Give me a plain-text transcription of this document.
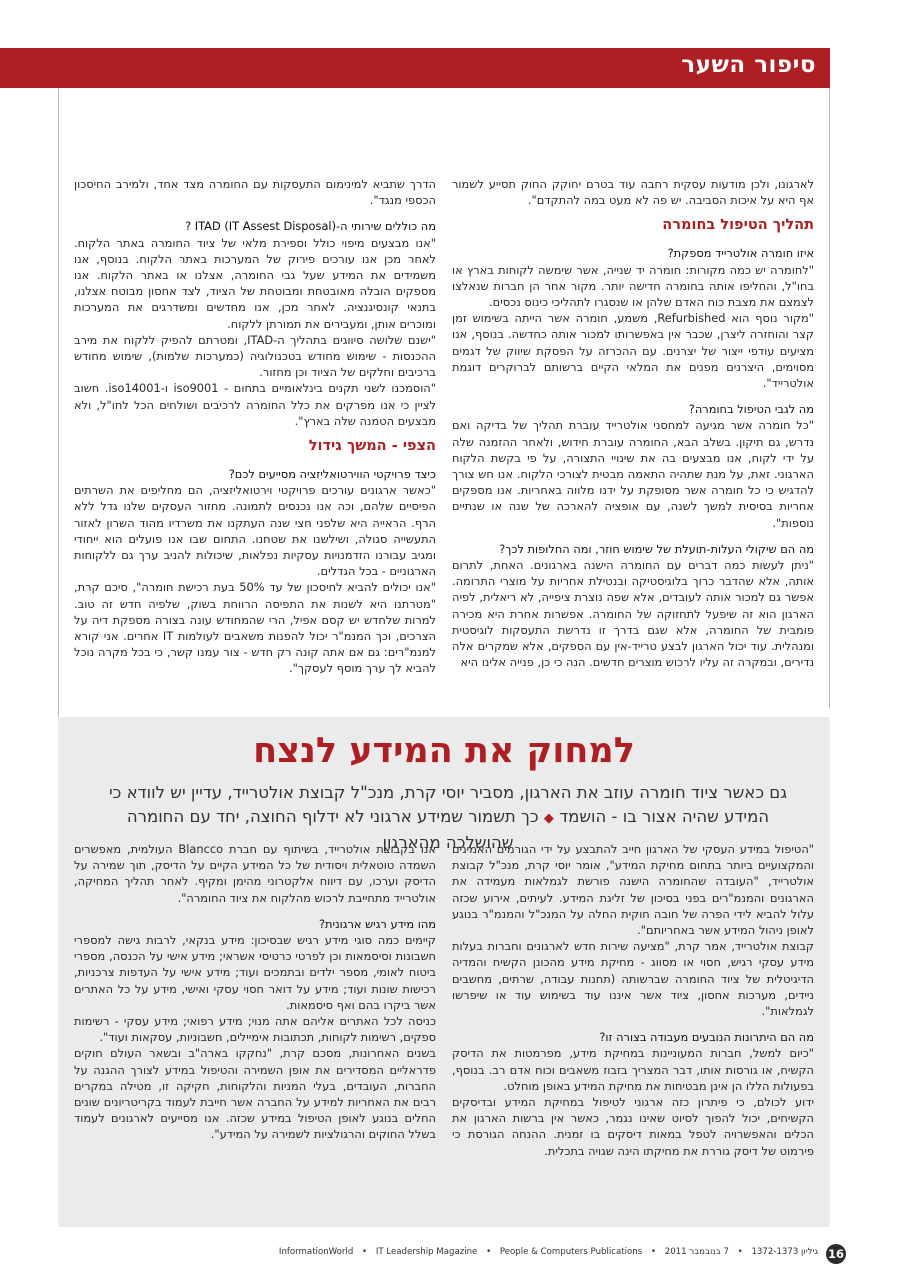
סיפור השער

לארגונו, ולכן מודעות עסקית רחבה עוד בטרם יחוקק החוק תסייע לשמור אף היא על איכות הסביבה. יש פה לא מעט במה להתקדם".

תהליך הטיפול בחומרה

איזו חומרה אולטרייד מספקת?

"לחומרה יש כמה מקורות: חומרה יד שנייה, אשר שימשה לקוחות בארץ או בחו"ל, והחליפו אותה בחומרה חדישה יותר. מקור אחר הן חברות שנאלצו לצמצם את מצבת כוח האדם שלהן או שנסגרו לתהליכי כינוס נכסים.

"מקור נוסף הוא Refurbished, משמע, חומרה אשר הייתה בשימוש זמן קצר והוחזרה ליצרן, שכבר אין באפשרותו למכור אותה כחדשה. בנוסף, אנו מציעים עודפי ייצור של יצרנים. עם ההכרזה על הפסקת שיווק של דגמים מסוימים, היצרנים מפנים את המלאי הקיים ברשותם לברוקרים דוגמת אולטרייד".

מה לגבי הטיפול בחומרה?

"כל חומרה אשר מגיעה למחסני אולטרייד עוברת תהליך של בדיקה ואם נדרש, גם תיקון. בשלב הבא, החומרה עוברת חידוש, ולאחר ההזמנה שלה על ידי לקוח, אנו מבצעים בה את שינויי התצורה, על פי בקשת הלקוח הארגוני. זאת, על מנת שתהיה התאמה מבטית לצורכי הלקוח. אנו חש צורך להדגיש כי כל חומרה אשר מסופקת על ידנו מלווה באחריות. אנו מספקים אחריות בסיסית למשך לשנה, עם אופציה להארכה של שנה או שנתיים נוספות".

מה הם שיקולי העלות-תועלת של שימוש חוזר, ומה החלופות לכך?

"ניתן לעשות כמה דברים עם החומרה הישנה בארגונים. האחת, לתרום אותה, אלא שהדבר כרוך בלוגיסטיקה ובנטילת אחריות על מוצרי התרומה. אפשר גם למכור אותה לעובדים, אלא שפה נוצרת ציפייה, לא ריאלית, לפיה הארגון הוא זה שיפעל לתחזוקה של החומרה. אפשרות אחרת היא מכירה פומבית של החומרה, אלא שגם בדרך זו נדרשת התעסקות לוגיסטית ומנהלית. עוד יכול הארגון לבצע טרייד-אין עם הספקים, אלא שמקרים אלה נדירים, ובמקרה זה עליו לרכוש מוצרים חדשים. הנה כי כן, פנייה אלינו היא

הדרך שתביא למינימום התעסקות עם החומרה מצד אחד, ולמירב החיסכון הכספי מנגד".

מה כוללים שירותי ה-ITAD (IT Assest Disposal) ?

"אנו מבצעים מיפוי כולל וספירת מלאי של ציוד החומרה באתר הלקוח. לאחר מכן אנו עורכים פירוק של המערכות באתר הלקוח. בנוסף, אנו משמידים את המידע שעל גבי החומרה, אצלנו או באתר הלקוח. אנו מספקים הובלה מאובטחת ומבוטחת של הציוד, לצד אחסון מבוטח אצלנו, בתנאי קונסיגנציה. לאחר מכן, אנו מחדשים ומשדרגים את המערכות ומוכרים אותן, ומעבירים את תמורתן ללקוח.

"ישנם שלושה סיווגים בתהליך ה-ITAD, ומטרתם להפיק ללקוח את מירב ההכנסות - שימוש מחודש בטכנולוגיה (כמערכות שלמות), שימוש מחודש ברכיבים וחלקים של הציוד וכן מחזור.

"הוסמכנו לשני תקנים בינלאומיים בתחום - iso9001 ו-iso14001. חשוב לציין כי אנו מפרקים את כלל החומרה לרכיבים ושולחים הכל לחו"ל, ולא מבצעים הטמנה שלה בארץ".

הצפי - המשך גידול

כיצד פרויקטי הווירטואליזציה מסייעים לכם?

"כאשר ארגונים עורכים פרויקטי וירטואליזציה, הם מחליפים את השרתים הפיסיים שלהם, וכה אנו נכנסים לתמונה. מחזור העסקים שלנו גדל ללא הרף. הראייה היא שלפני חצי שנה העתקנו את משרדיו מהוד השרון לאזור התעשייה סגולה, ושילשנו את שטחנו. התחום שבו אנו פועלים הוא ייחודי ומגיב עבורנו הזדמנויות עסקיות נפלאות, שיכולות להניב ערך גם ללקוחות הארגוניים - בכל הגדלים.

"אנו יכולים להביא לחיסכון של עד 50% בעת רכישת חומרה", סיכם קרת, "מטרתנו היא לשנות את התפיסה הרווחת בשוק, שלפיה חדש זה טוב. למרות שלחדש יש קסם אפיל, הרי שהמחודש עונה בצורה מספקת דיה על הצרכים, וכך המנמ"ר יכול להפנות משאבים לעולמות IT אחרים. אני קורא למנמ"רים: גם אם אתה קונה רק חדש - צור עמנו קשר, כי בכל מקרה נוכל להביא לך ערך מוסף לעסקך".

למחוק את המידע לנצח
גם כאשר ציוד חומרה עוזב את הארגון, מסביר יוסי קרת, מנכ"ל קבוצת אולטרייד, עדיין יש לוודא כי המידע שהיה אצור בו - הושמד ◆ כך תשמור שמידע ארגוני לא ידלוף החוצה, יחד עם החומרה שהושלכה מהארגון

"הטיפול במידע העסקי של הארגון חייב להתבצע על ידי הגורמים האמינים והמקצועיים ביותר בתחום מחיקת המידע", אומר יוסי קרת, מנכ"ל קבוצת אולטרייד, "העובדה שהחומרה הישנה פורשת לגמלאות מעמידה את הארגונים והמנמ"רים בפני בסיכון של זליגת המידע. לעיתים, אירוע שכזה עלול להביא לידי הפרה של חובה חוקית החלה על המנכ"ל והמנמ"ר בנוגע לאופן ניהול המידע אשר באחריותם".

קבוצת אולטרייד, אמר קרת, "מציעה שירות חדש לארגונים וחברות בעלות מידע עסקי רגיש, חסוי או מסווג - מחיקת מידע מהכונן הקשיח והמדיה הדיגיטלית של ציוד החומרה שברשותה (תחנות עבודה, שרתים, מחשבים ניידים, מערכות אחסון, ציוד אשר איננו עוד בשימוש עוד או שיפרשו לגמלאות".

מה הם היתרונות הנובעים מעבודה בצורה זו?

"כיום למשל, חברות המעוניינות במחיקת מידע, מפרמטות את הדיסק הקשיח, או גורסות אותו, דבר המצריך בזבוז משאבים וכוח אדם רב. בנוסף, בפעולות הללו הן אינן מבטיחות את מחיקת המידע באופן מוחלט.

ידוע לכולם, כי פיתרון כזה ארגוני לטיפול במחיקת המידע ובדיסקים הקשיחים, יכול להפוך לסיוט שאינו נגמר, כאשר אין ברשות הארגון את הכלים והאפשרויה לטפל במאות דיסקים בו זמנית. ההנחה הגורסת כי פירמוט של דיסק גוררת את מחיקתו הינה שגויה בתכלית.

אנו בקבוצת אולטרייד, בשיתוף עם חברת Blancco העולמית, מאפשרים השמדה טוטאלית ויסודית של כל המידע הקיים על הדיסק, תוך שמירה על הדיסק וערכו, עם דיווח אלקטרוני מהימן ומקיף. לאחר תהליך המחיקה, אולטרייד מתחייבת לרכוש מהלקוח את ציוד החומרה".

מהו מידע רגיש ארגונית?

קיימים כמה סוגי מידע רגיש שבסיכון: מידע בנקאי, לרבות גישה למספרי חשבונות וסיסמאות וכן לפרטי כרטיסי אשראי; מידע אישי על הכנסה, מספרי ביטוח לאומי, מספר ילדים ובתמכים ועוד; מידע אישי על העדפות צרכניות, רכישות שונות ועוד; מידע על דואר חסוי עסקי ואישי, מידע על כל האתרים אשר ביקרו בהם ואף סיסמאות.

כניסה לכל האתרים אליהם אתה מנוי; מידע רפואי; מידע עסקי - רשימות ספקים, רשימות לקוחות, תכתובות אימיילים, חשבוניות, עסקאות ועוד".

בשנים האחרונות, מסכם קרת, "נחקקו בארה"ב ובשאר העולם חוקים פדראליים המסדירים את אופן השמירה והטיפול במידע לצורך ההגנה על החברות, העובדים, בעלי המניות והלקוחות, חקיקה זו, מטילה במקרים רבים את האחריות למידע על החברה אשר חייבת לעמוד בקריטריונים שונים החלים בנוגע לאופן הטיפול במידע שכזה. אנו מסייעים לארגונים לעמוד בשלל החוקים והרגולציות לשמירה על המידע".

16
InformationWorld • IT Leadership Magazine • People & Computers Publications • 7 בנובמבר 2011 • גיליון 1372-1373
